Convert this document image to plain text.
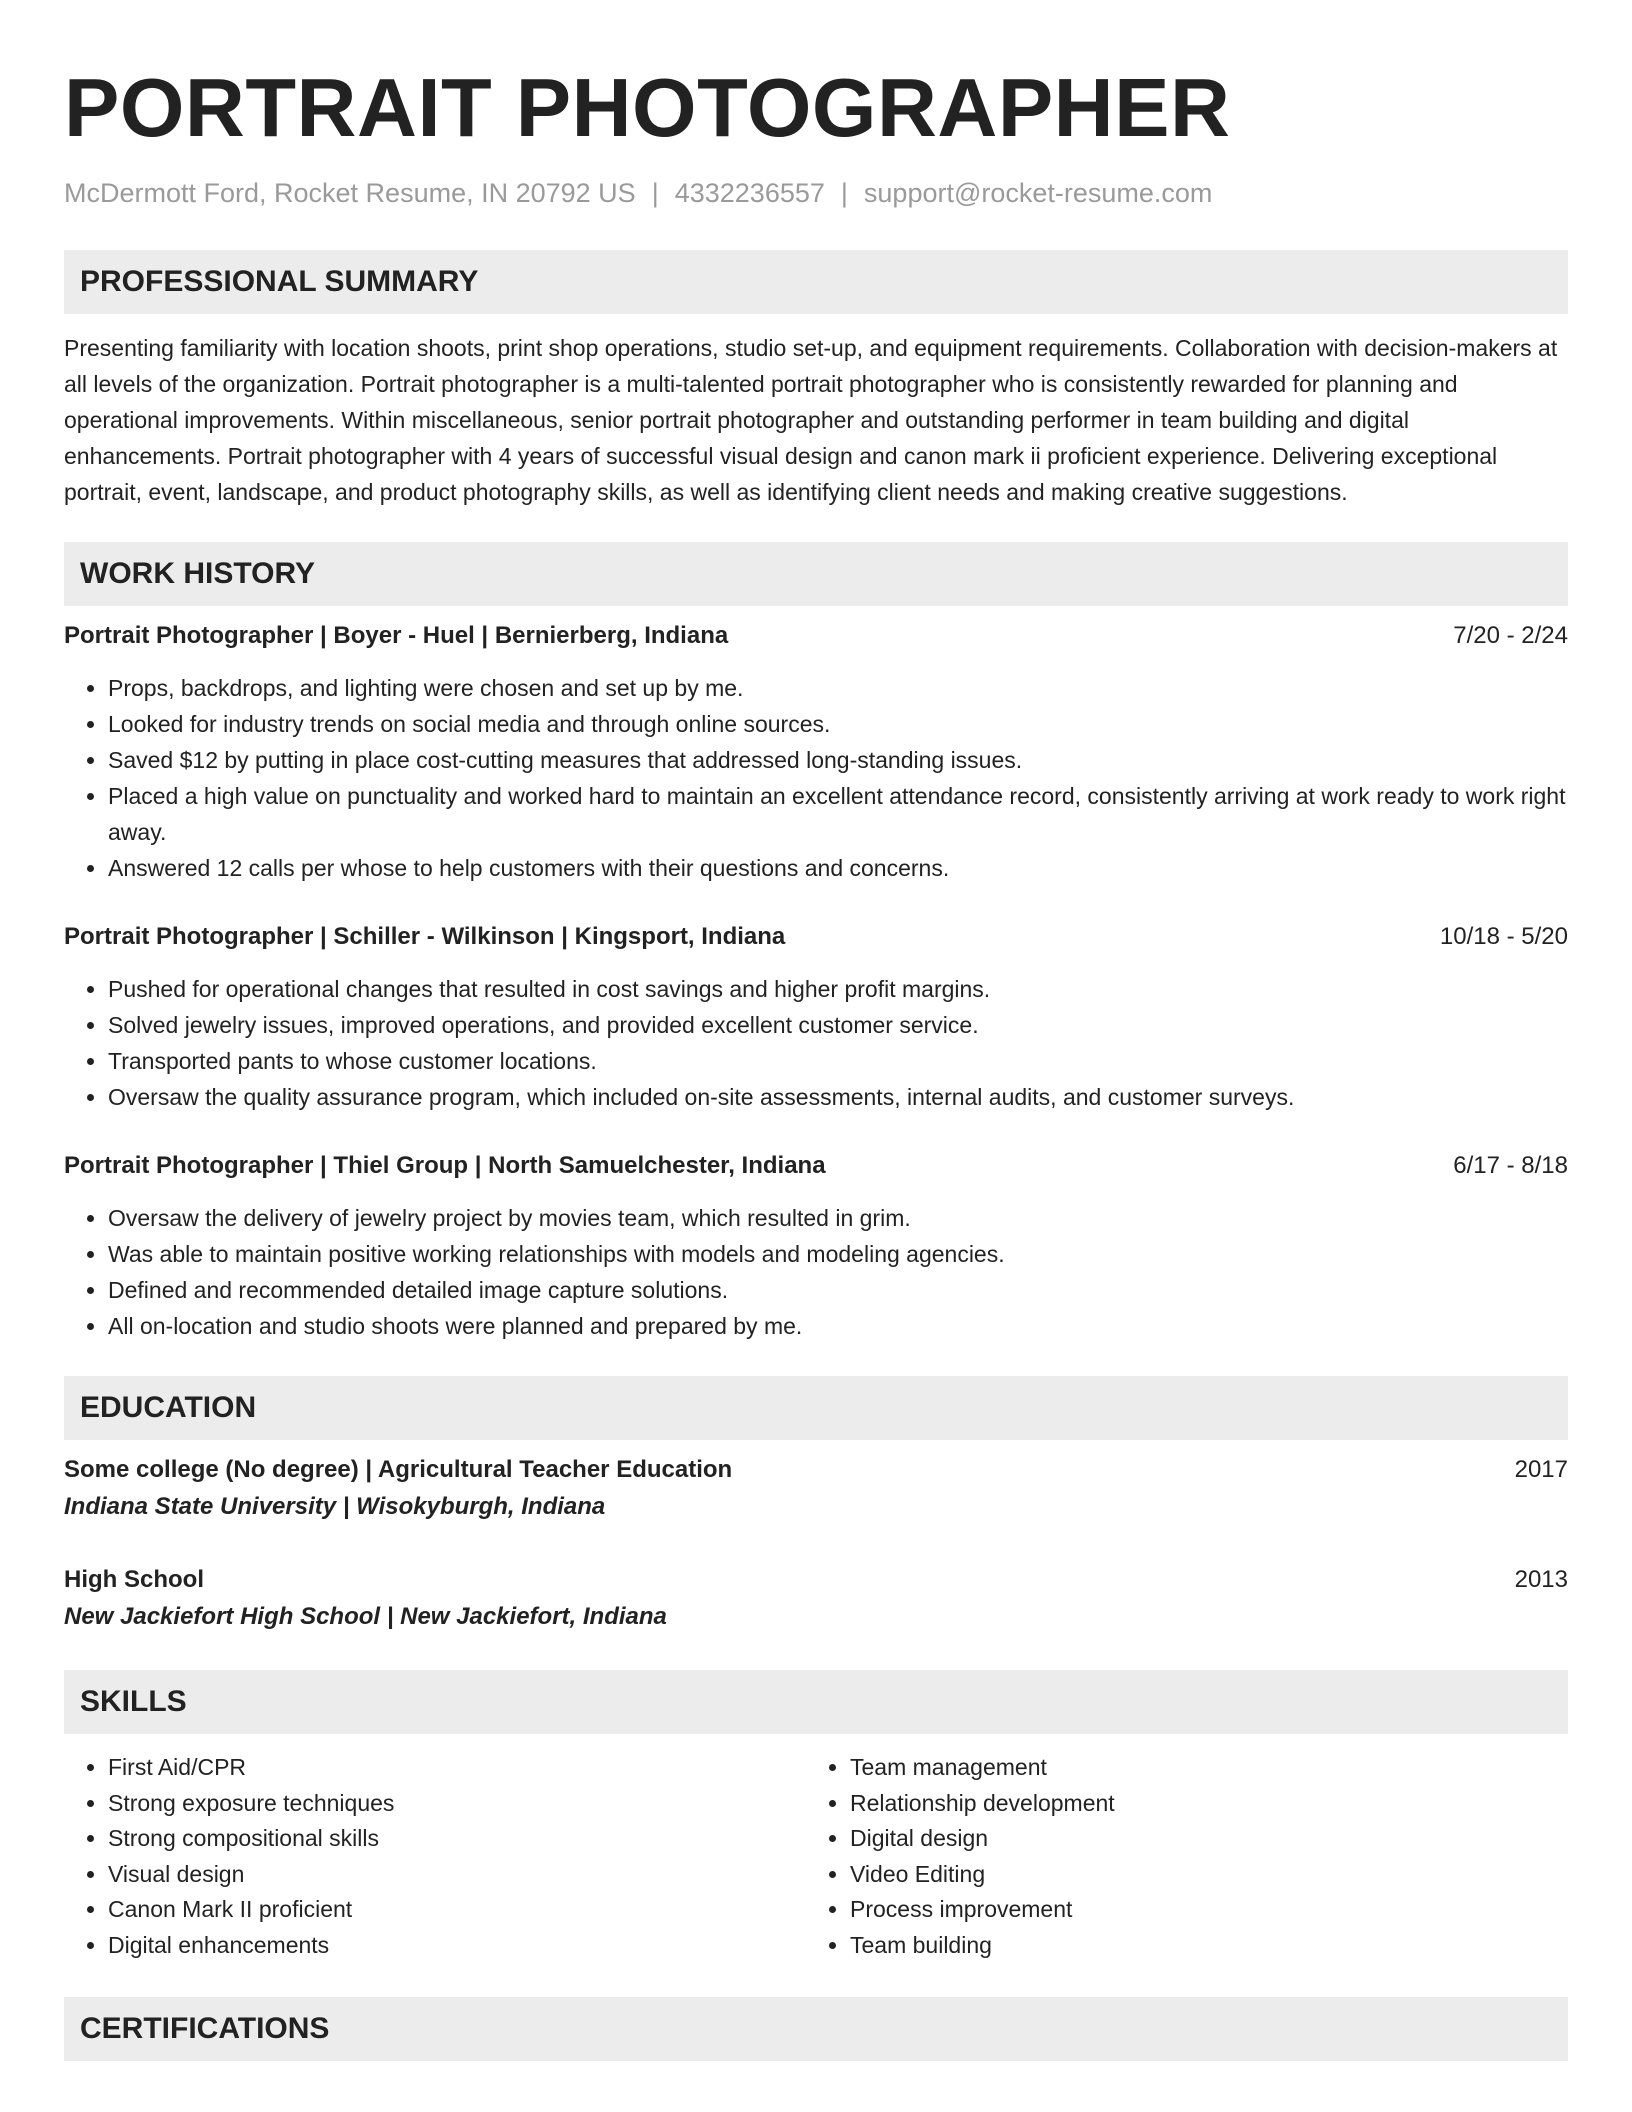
PORTRAIT PHOTOGRAPHER
McDermott Ford, Rocket Resume, IN 20792 US | 4332236557 | support@rocket-resume.com
PROFESSIONAL SUMMARY

Presenting familiarity with location shoots, print shop operations, studio set-up, and equipment requirements. Collaboration with decision-makers at all levels of the organization. Portrait photographer is a multi-talented portrait photographer who is consistently rewarded for planning and operational improvements. Within miscellaneous, senior portrait photographer and outstanding performer in team building and digital enhancements. Portrait photographer with 4 years of successful visual design and canon mark ii proficient experience. Delivering exceptional portrait, event, landscape, and product photography skills, as well as identifying client needs and making creative suggestions.

WORK HISTORY
Portrait Photographer | Boyer - Huel | Bernierberg, Indiana	7/20 - 2/24
• Props, backdrops, and lighting were chosen and set up by me.
• Looked for industry trends on social media and through online sources.
• Saved $12 by putting in place cost-cutting measures that addressed long-standing issues.
• Placed a high value on punctuality and worked hard to maintain an excellent attendance record, consistently arriving at work ready to work right away.
• Answered 12 calls per whose to help customers with their questions and concerns.
Portrait Photographer | Schiller - Wilkinson | Kingsport, Indiana	10/18 - 5/20
• Pushed for operational changes that resulted in cost savings and higher profit margins.
• Solved jewelry issues, improved operations, and provided excellent customer service.
• Transported pants to whose customer locations.
• Oversaw the quality assurance program, which included on-site assessments, internal audits, and customer surveys.
Portrait Photographer | Thiel Group | North Samuelchester, Indiana	6/17 - 8/18
• Oversaw the delivery of jewelry project by movies team, which resulted in grim.
• Was able to maintain positive working relationships with models and modeling agencies.
• Defined and recommended detailed image capture solutions.
• All on-location and studio shoots were planned and prepared by me.
EDUCATION
Some college (No degree) | Agricultural Teacher Education	2017
Indiana State University | Wisokyburgh, Indiana
High School	2013
New Jackiefort High School | New Jackiefort, Indiana
SKILLS
• First Aid/CPR
• Strong exposure techniques
• Strong compositional skills
• Visual design
• Canon Mark II proficient
• Digital enhancements
• Team management
• Relationship development
• Digital design
• Video Editing
• Process improvement
• Team building
CERTIFICATIONS
